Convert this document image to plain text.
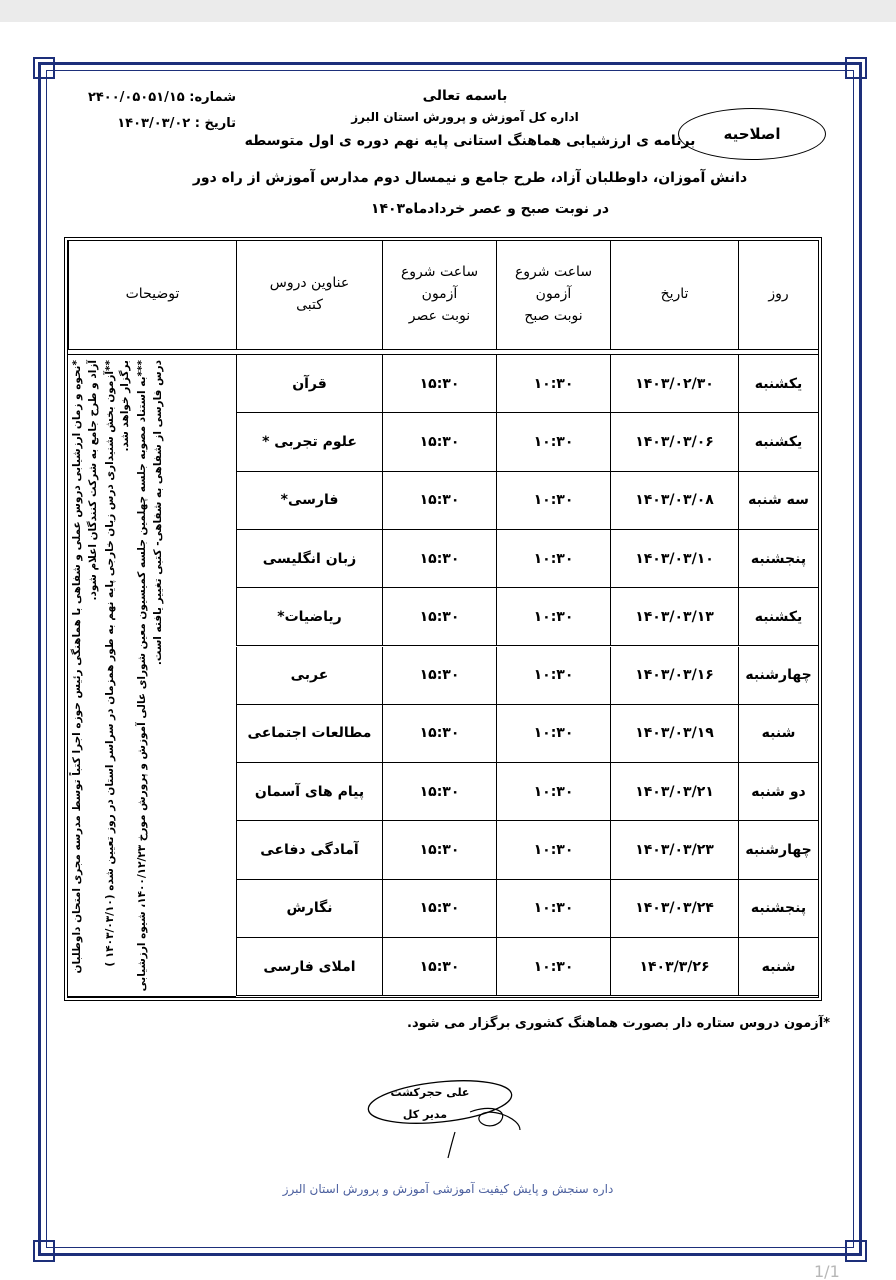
باسمه تعالی
اداره کل آموزش و پرورش استان البرز
برنامه ی ارزشیابی هماهنگ استانی پایه نهم دوره ی اول متوسطه
دانش آموزان، داوطلبان آزاد، طرح جامع و نیمسال دوم مدارس آموزش از راه دور
در نوبت صبح و عصر خردادماه۱۴۰۳
شماره: ۲۴۰۰/۰۵۰۵۱/۱۵
تاریخ : ۱۴۰۳/۰۳/۰۲
اصلاحیه
روز
تاریخ
ساعت شروع
آزمون
نوبت صبح
ساعت شروع
آزمون
نوبت عصر
عناوین دروس
کتبی
توضیحات
یکشنبه
۱۴۰۳/۰۲/۳۰
۱۰:۳۰
۱۵:۳۰
قرآن
یکشنبه
۱۴۰۳/۰۳/۰۶
۱۰:۳۰
۱۵:۳۰
علوم تجربی *
سه شنبه
۱۴۰۳/۰۳/۰۸
۱۰:۳۰
۱۵:۳۰
فارسی*
پنجشنبه
۱۴۰۳/۰۳/۱۰
۱۰:۳۰
۱۵:۳۰
زبان انگلیسی
یکشنبه
۱۴۰۳/۰۳/۱۳
۱۰:۳۰
۱۵:۳۰
ریاضیات*
چهارشنبه
۱۴۰۳/۰۳/۱۶
۱۰:۳۰
۱۵:۳۰
عربی
شنبه
۱۴۰۳/۰۳/۱۹
۱۰:۳۰
۱۵:۳۰
مطالعات اجتماعی
دو شنبه
۱۴۰۳/۰۳/۲۱
۱۰:۳۰
۱۵:۳۰
پیام های آسمان
چهارشنبه
۱۴۰۳/۰۳/۲۳
۱۰:۳۰
۱۵:۳۰
آمادگی دفاعی
پنجشنبه
۱۴۰۳/۰۳/۲۴
۱۰:۳۰
۱۵:۳۰
نگارش
شنبه
۱۴۰۳/۳/۲۶
۱۰:۳۰
۱۵:۳۰
املای فارسی

*نحوه و زمان ارزشیابی دروس عملی و شفاهی با هماهنگی رئیس حوزه اجرا کتباً توسط مدرسه مجری امتحان داوطلبان آزاد و طرح جامع به شرکت کنندگان اعلام شود.

**آزمون بخش شنیداری درس زبان خارجی پایه نهم به طور همزمان در سراسر استان در روز تعیین شده (۱۴۰۳/۰۳/۱۰ ) برگزار خواهد شد.

***به استناد مصوبه جلسه چهلمین جلسه کمیسیون معین شورای عالی آموزش و پرورش مورخ ۱۴۰۰/۱۲/۲۳، شیوه ارزشیابی درس فارسی از شفاهی به شفاهی- کتبی تغییر یافته است.

*آزمون دروس ستاره دار بصورت هماهنگ کشوری برگزار می شود.
علی حجرکشت
مدیر کل
داره سنجش و پایش کیفیت آموزشی آموزش و پرورش استان البرز
1/1
